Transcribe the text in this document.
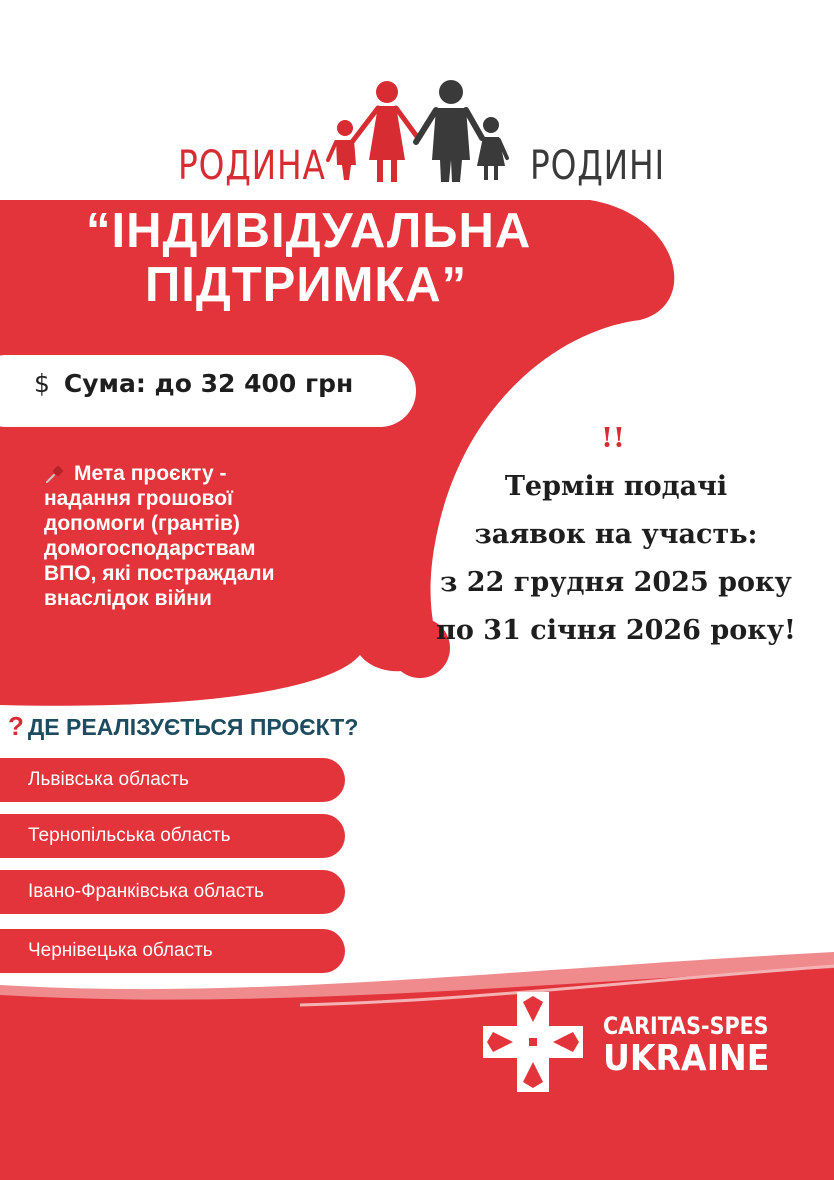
РОДИНА	РОДИНІ
“ІНДИВІДУАЛЬНА
ПІДТРИМКА”
$ Сума: до 32 400 грн
Мета проєкту -
надання грошової
допомоги (грантів)
домогосподарствам
ВПО, які постраждали
внаслідок війни
!!
Термін подачі
заявок на участь:
з 22 грудня 2025 року
по 31 січня 2026 року!
? ДЕ РЕАЛІЗУЄТЬСЯ ПРОЄКТ?
Львівська область
Тернопільська область
Івано-Франківська область
Чернівецька область
CARITAS-SPES
UKRAINE
